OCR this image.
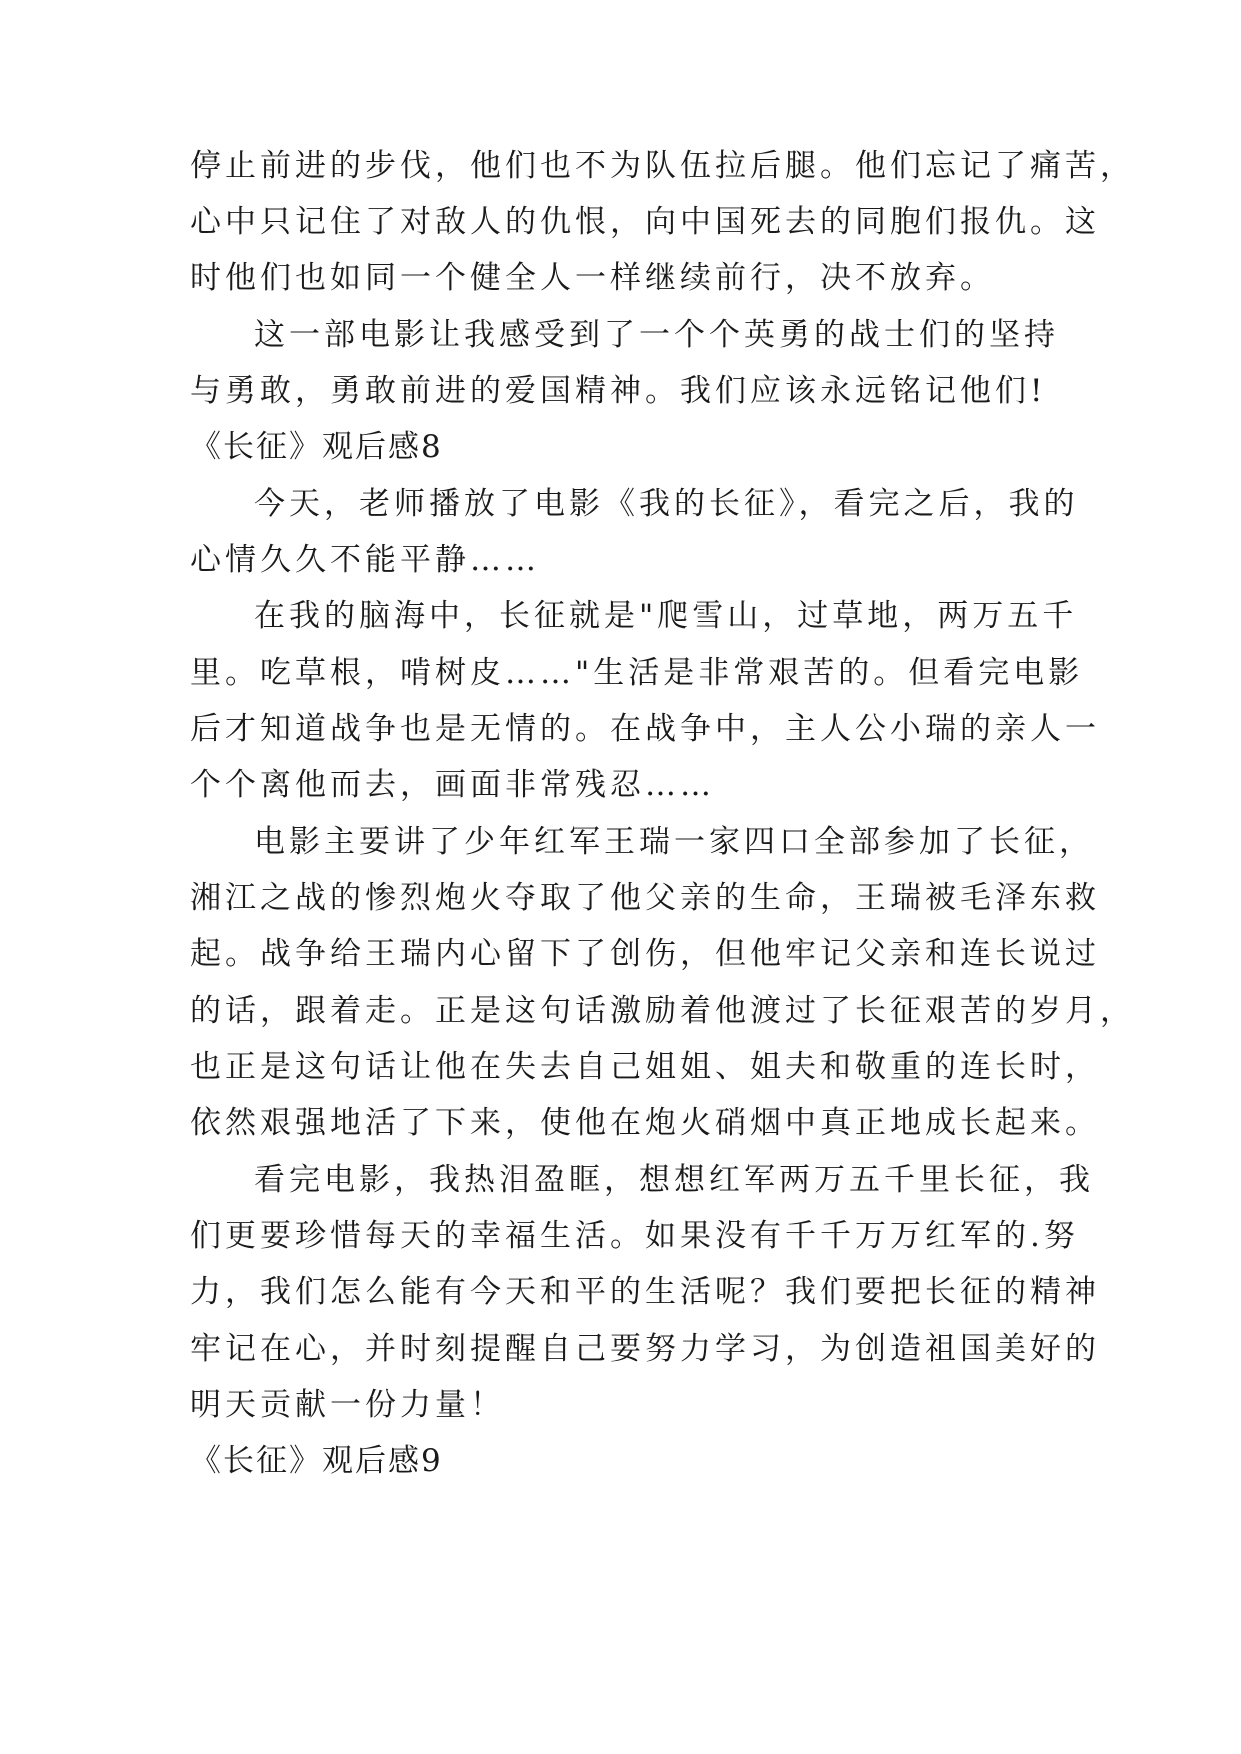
停止前进的步伐，他们也不为队伍拉后腿。他们忘记了痛苦，
心中只记住了对敌人的仇恨，向中国死去的同胞们报仇。这
时他们也如同一个健全人一样继续前行，决不放弃。
这一部电影让我感受到了一个个英勇的战士们的坚持
与勇敢，勇敢前进的爱国精神。我们应该永远铭记他们!
《长征》观后感8
今天，老师播放了电影《我的长征》，看完之后，我的
心情久久不能平静……
在我的脑海中，长征就是"爬雪山，过草地，两万五千
里。吃草根，啃树皮……"生活是非常艰苦的。但看完电影
后才知道战争也是无情的。在战争中，主人公小瑞的亲人一
个个离他而去，画面非常残忍……
电影主要讲了少年红军王瑞一家四口全部参加了长征，
湘江之战的惨烈炮火夺取了他父亲的生命，王瑞被毛泽东救
起。战争给王瑞内心留下了创伤，但他牢记父亲和连长说过
的话，跟着走。正是这句话激励着他渡过了长征艰苦的岁月，
也正是这句话让他在失去自己姐姐、姐夫和敬重的连长时，
依然艰强地活了下来，使他在炮火硝烟中真正地成长起来。
看完电影，我热泪盈眶，想想红军两万五千里长征，我
们更要珍惜每天的幸福生活。如果没有千千万万红军的.努
力，我们怎么能有今天和平的生活呢？我们要把长征的精神
牢记在心，并时刻提醒自己要努力学习，为创造祖国美好的
明天贡献一份力量！
《长征》观后感9
